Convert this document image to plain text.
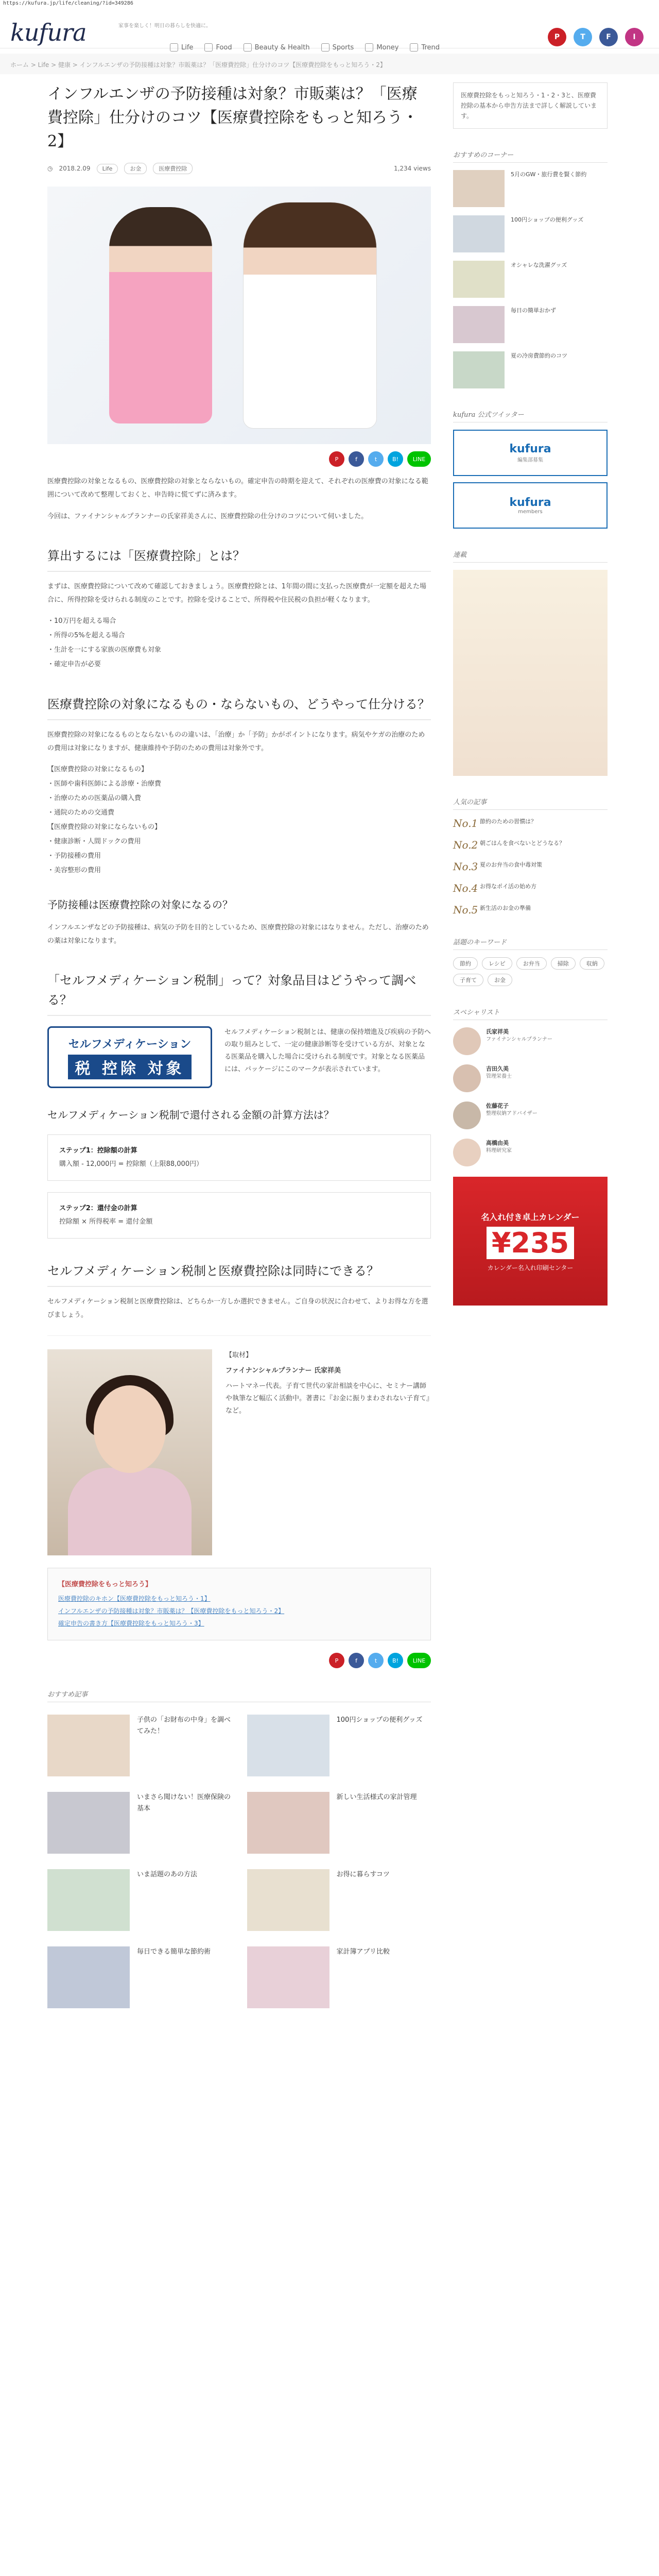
https://kufura.jp/life/cleaning/?id=349286
kufura	家事を楽しく！明日の暮らしを快適に。
Life	Food	Beauty & Health	Sports	Money	Trend
P	T	F	I
ホーム > Life > 健康 > インフルエンザの予防接種は対象？市販薬は？「医療費控除」仕分けのコツ【医療費控除をもっと知ろう・2】
インフルエンザの予防接種は対象？市販薬は？「医療費控除」仕分けのコツ【医療費控除をもっと知ろう・2】
◷ 2018.2.09	Life	お金	医療費控除	1,234 views
P	f	t	B!	LINE

医療費控除の対象となるもの、医療費控除の対象とならないもの。確定申告の時期を迎えて、それぞれの医療費の対象になる範囲について改めて整理しておくと、申告時に慌てずに済みます。

今回は、ファイナンシャルプランナーの氏家祥美さんに、医療費控除の仕分けのコツについて伺いました。

算出するには「医療費控除」とは？

まずは、医療費控除について改めて確認しておきましょう。医療費控除とは、1年間の間に支払った医療費が一定額を超えた場合に、所得控除を受けられる制度のことです。控除を受けることで、所得税や住民税の負担が軽くなります。

・10万円を超える場合
・所得の5%を超える場合
・生計を一にする家族の医療費も対象
・確定申告が必要
医療費控除の対象になるもの・ならないもの、どうやって仕分ける？

医療費控除の対象になるものとならないものの違いは、「治療」か「予防」かがポイントになります。病気やケガの治療のための費用は対象になりますが、健康維持や予防のための費用は対象外です。

【医療費控除の対象になるもの】
・医師や歯科医師による診療・治療費
・治療のための医薬品の購入費
・通院のための交通費
【医療費控除の対象にならないもの】
・健康診断・人間ドックの費用
・予防接種の費用
・美容整形の費用
予防接種は医療費控除の対象になるの？

インフルエンザなどの予防接種は、病気の予防を目的としているため、医療費控除の対象にはなりません。ただし、治療のための薬は対象になります。

「セルフメディケーション税制」って？対象品目はどうやって調べる？
セルフメディケーション
税 控除 対象
セルフメディケーション税制とは、健康の保持増進及び疾病の予防への取り組みとして、一定の健康診断等を受けている方が、対象となる医薬品を購入した場合に受けられる制度です。対象となる医薬品には、パッケージにこのマークが表示されています。
セルフメディケーション税制で還付される金額の計算方法は？
ステップ1：控除額の計算
購入額 - 12,000円 = 控除額（上限88,000円）
ステップ2：還付金の計算
控除額 × 所得税率 = 還付金額
セルフメディケーション税制と医療費控除は同時にできる？

セルフメディケーション税制と医療費控除は、どちらか一方しか選択できません。ご自身の状況に合わせて、よりお得な方を選びましょう。

【取材】
ファイナンシャルプランナー 氏家祥美
ハートマネー代表。子育て世代の家計相談を中心に、セミナー講師や執筆など幅広く活動中。著書に『お金に振りまわされない子育て』など。
【医療費控除をもっと知ろう】
医療費控除のキホン【医療費控除をもっと知ろう・1】
インフルエンザの予防接種は対象？市販薬は？【医療費控除をもっと知ろう・2】
確定申告の書き方【医療費控除をもっと知ろう・3】
P	f	t	B!	LINE
おすすめ記事
子供の「お財布の中身」を調べてみた！
100円ショップの便利グッズ
いまさら聞けない！医療保険の基本
新しい生活様式の家計管理
いま話題のあの方法	お得に暮らすコツ
毎日できる簡単な節約術	家計簿アプリ比較
医療費控除をもっと知ろう・1・2・3と、医療費控除の基本から申告方法まで詳しく解説しています。
おすすめのコーナー
5月のGW・旅行費を賢く節約
100円ショップの便利グッズ
オシャレな洗濯グッズ
毎日の簡単おかず
夏の冷房費節約のコツ
kufura 公式ツイッター
kufura
編集部募集
kufura
members
連載
人気の記事
No.1 節約のための習慣は？
No.2 朝ごはんを食べないとどうなる？
No.3 夏のお弁当の食中毒対策
No.4 お得なポイ活の始め方
No.5 新生活のお金の準備
話題のキーワード
節約	レシピ	お弁当	掃除	収納
子育て	お金
スペシャリスト
氏家祥美
ファイナンシャルプランナー
吉田久美
管理栄養士
佐藤花子
整理収納アドバイザー
高橋由美
料理研究家
名入れ付き卓上カレンダー
¥235
カレンダー名入れ印刷センター
